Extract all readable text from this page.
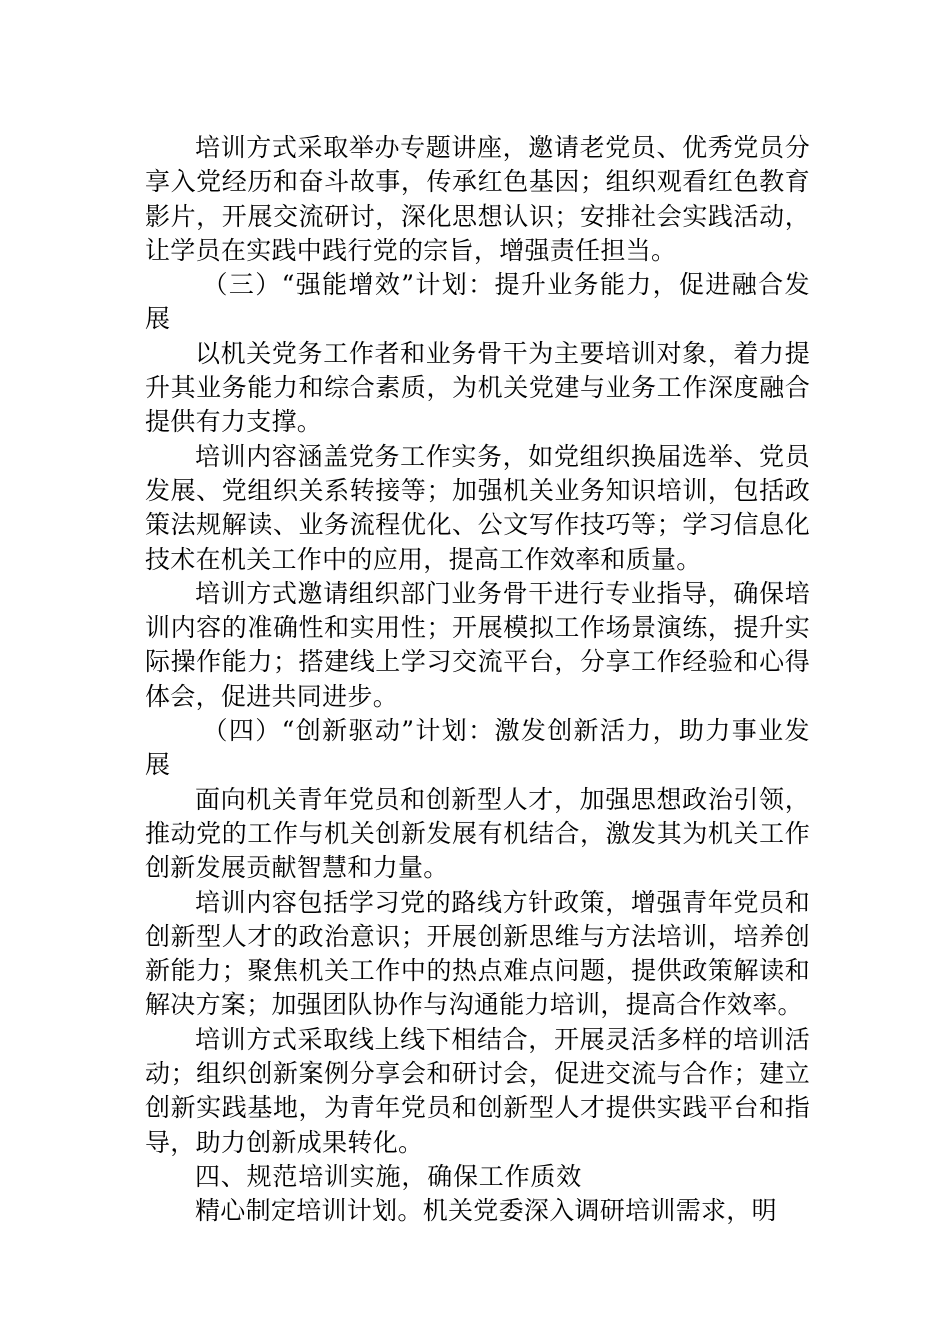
培训方式采取举办专题讲座，邀请老党员、优秀党员分享入党经历和奋斗故事，传承红色基因；组织观看红色教育影片，开展交流研讨，深化思想认识；安排社会实践活动，让学员在实践中践行党的宗旨，增强责任担当。

（三）“强能增效”计划：提升业务能力，促进融合发展

以机关党务工作者和业务骨干为主要培训对象，着力提升其业务能力和综合素质，为机关党建与业务工作深度融合提供有力支撑。

培训内容涵盖党务工作实务，如党组织换届选举、党员发展、党组织关系转接等；加强机关业务知识培训，包括政策法规解读、业务流程优化、公文写作技巧等；学习信息化技术在机关工作中的应用，提高工作效率和质量。

培训方式邀请组织部门业务骨干进行专业指导，确保培训内容的准确性和实用性；开展模拟工作场景演练，提升实际操作能力；搭建线上学习交流平台，分享工作经验和心得体会，促进共同进步。

（四）“创新驱动”计划：激发创新活力，助力事业发展

面向机关青年党员和创新型人才，加强思想政治引领，推动党的工作与机关创新发展有机结合，激发其为机关工作创新发展贡献智慧和力量。

培训内容包括学习党的路线方针政策，增强青年党员和创新型人才的政治意识；开展创新思维与方法培训，培养创新能力；聚焦机关工作中的热点难点问题，提供政策解读和解决方案；加强团队协作与沟通能力培训，提高合作效率。

培训方式采取线上线下相结合，开展灵活多样的培训活动；组织创新案例分享会和研讨会，促进交流与合作；建立创新实践基地，为青年党员和创新型人才提供实践平台和指导，助力创新成果转化。

四、规范培训实施，确保工作质效

精心制定培训计划。机关党委深入调研培训需求，明
